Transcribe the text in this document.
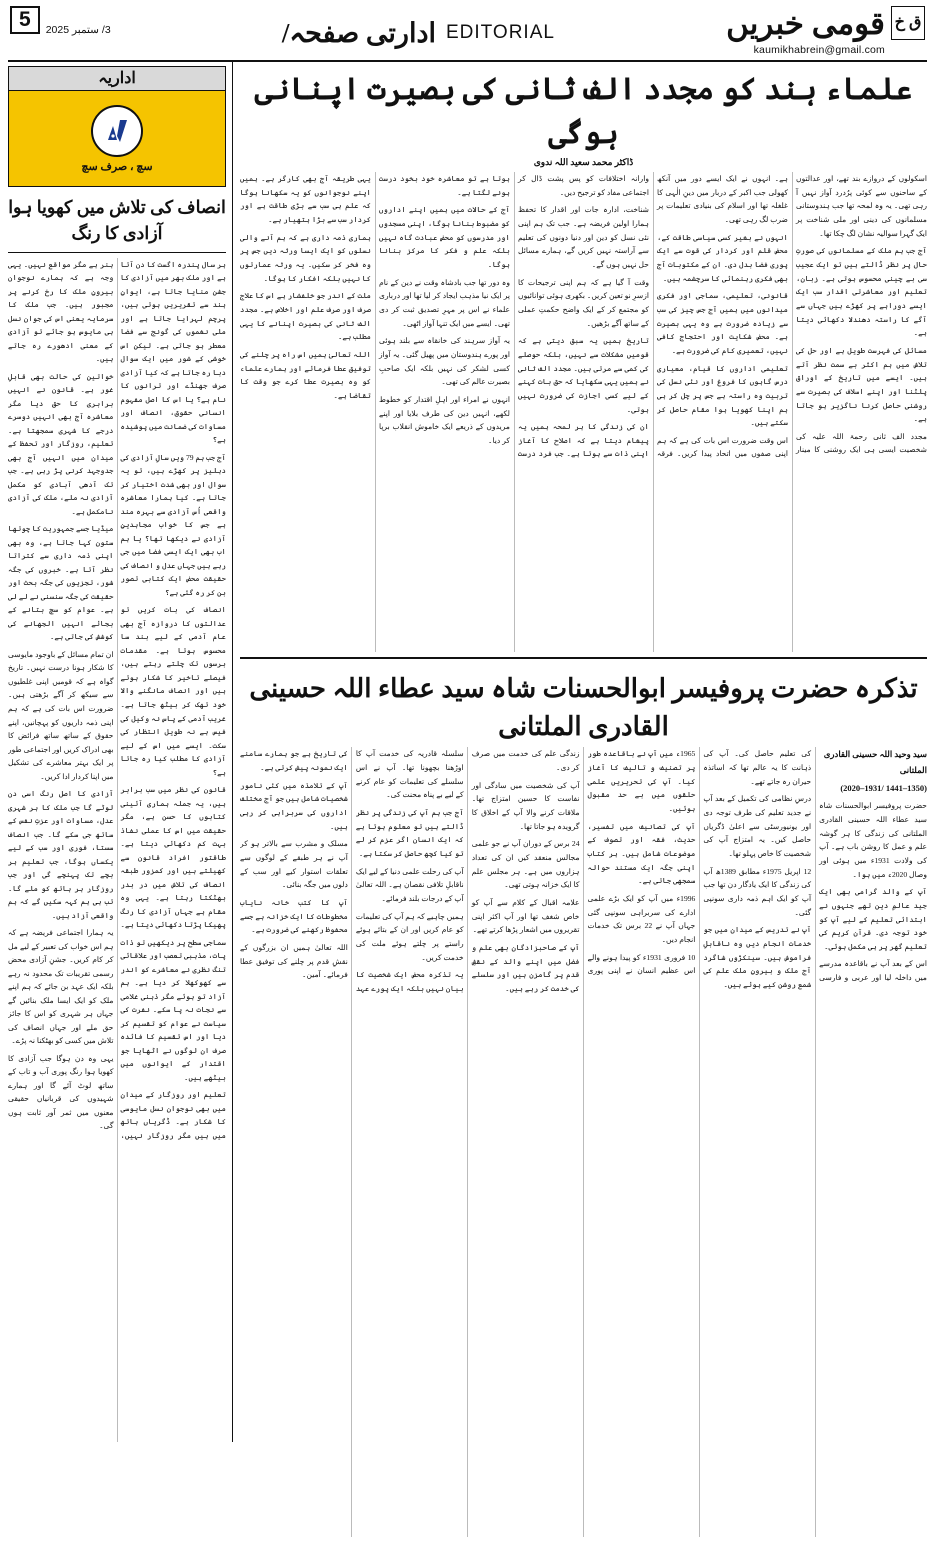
ق خ
قومی خبریں
kaumikhabrein@gmail.com
EDITORIAL ادارتی صفحہ/
5	3/ ستمبر 2025
علماء ہند کو مجدد الف ثانی کی بصیرت اپنانی ہوگی
ڈاکٹر محمد سعید اللہ ندوی

اسکولوں کے دروازے بند تھے، اور عدالتوں کے ساحنوں سے کوئی پرُدرد آواز نہیں آ رہی تھی۔ یہ وہ لمحہ تھا جب ہندوستانی مسلمانوں کی دینی اور ملی شناخت پر ایک گہرا سوالیہ نشان لگ چکا تھا۔

آج جب ہم ملک کے مسلمانوں کی صورتِ حال پر نظر ڈالتے ہیں تو ایک عجیب سی بے چینی محسوس ہوتی ہے۔ زبان، تعلیم اور معاشرتی اقدار سب ایک ایسے دوراہے پر کھڑے ہیں جہاں سے آگے کا راستہ دھندلا دکھائی دیتا ہے۔

مسائل کی فہرست طویل ہے اور حل کی تلاش میں ہم اکثر بے سمت نظر آتے ہیں۔ ایسے میں تاریخ کے اوراق پلٹنا اور اپنے اسلاف کی بصیرت سے روشنی حاصل کرنا ناگزیر ہو جاتا ہے۔

مجدد الف ثانی رحمۃ اللہ علیہ کی شخصیت ایسی ہی ایک روشنی کا مینار ہے۔ انہوں نے ایک ایسے دور میں آنکھ کھولی جب اکبر کے دربار میں دینِ الٰہی کا غلغلہ تھا اور اسلام کی بنیادی تعلیمات پر ضرب لگ رہی تھی۔

انہوں نے بغیر کسی سیاسی طاقت کے، محض قلم اور کردار کی قوت سے ایک پوری فضا بدل دی۔ ان کے مکتوبات آج بھی فکری رہنمائی کا سرچشمہ ہیں۔

قانونی، تعلیمی، سماجی اور فکری میدانوں میں ہمیں آج جس چیز کی سب سے زیادہ ضرورت ہے وہ یہی بصیرت ہے۔ محض شکایت اور احتجاج کافی نہیں، تعمیری کام کی ضرورت ہے۔

تعلیمی اداروں کا قیام، معیاری درس گاہوں کا فروغ اور نئی نسل کی تربیت وہ راستہ ہے جس پر چل کر ہی ہم اپنا کھویا ہوا مقام حاصل کر سکتے ہیں۔

اس وقت ضرورت اس بات کی ہے کہ ہم اپنی صفوں میں اتحاد پیدا کریں۔ فرقہ وارانہ اختلافات کو پس پشت ڈال کر اجتماعی مفاد کو ترجیح دیں۔

شناخت، ادارہ جات اور اقدار کا تحفظ ہمارا اولین فریضہ ہے۔ جب تک ہم اپنی نئی نسل کو دین اور دنیا دونوں کی تعلیم سے آراستہ نہیں کریں گے، ہمارے مسائل حل نہیں ہوں گے۔

وقت آ گیا ہے کہ ہم اپنی ترجیحات کا ازسرِ نو تعین کریں۔ بکھری ہوئی توانائیوں کو مجتمع کر کے ایک واضح حکمتِ عملی کے ساتھ آگے بڑھیں۔

تاریخ ہمیں یہ سبق دیتی ہے کہ قومیں مشکلات سے نہیں، بلکہ حوصلے کی کمی سے مرتی ہیں۔ مجدد الف ثانی نے ہمیں یہی سکھایا کہ حق بات کہنے کے لیے کسی اجازت کی ضرورت نہیں ہوتی۔

ان کی زندگی کا ہر لمحہ ہمیں یہ پیغام دیتا ہے کہ اصلاح کا آغاز اپنی ذات سے ہوتا ہے۔ جب فرد درست ہوتا ہے تو معاشرہ خود بخود درست ہونے لگتا ہے۔

آج کے حالات میں ہمیں اپنے اداروں کو مضبوط بنانا ہوگا، اپنی مسجدوں اور مدرسوں کو محض عبادت گاہ نہیں بلکہ علم و فکر کا مرکز بنانا ہوگا۔

وہ دور تھا جب بادشاہ وقت نے دین کے نام پر ایک نیا مذہب ایجاد کر لیا تھا اور درباری علماء نے اس پر مہرِ تصدیق ثبت کر دی تھی۔ ایسے میں ایک تنہا آواز اٹھی۔

یہ آواز سرہند کی خانقاہ سے بلند ہوئی اور پورے ہندوستان میں پھیل گئی۔ یہ آواز کسی لشکر کی نہیں بلکہ ایک صاحبِ بصیرت عالم کی تھی۔

انہوں نے امراء اور اہلِ اقتدار کو خطوط لکھے، انہیں دین کی طرف بلایا اور اپنے مریدوں کے ذریعے ایک خاموش انقلاب برپا کر دیا۔

یہی طریقہ آج بھی کارگر ہے۔ ہمیں اپنے نوجوانوں کو یہ سکھانا ہوگا کہ علم ہی سب سے بڑی طاقت ہے اور کردار سب سے بڑا ہتھیار ہے۔

ہماری ذمہ داری ہے کہ ہم آنے والی نسلوں کو ایک ایسا ورثہ دیں جس پر وہ فخر کر سکیں۔ یہ ورثہ عمارتوں کا نہیں بلکہ افکار کا ہوگا۔

ملت کے اندر جو خلفشار ہے اس کا علاج صرف اور صرف علم اور اخلاص ہے۔ مجدد الف ثانی کی بصیرت اپنانے کا یہی مطلب ہے۔

اللہ تعالیٰ ہمیں اس راہ پر چلنے کی توفیق عطا فرمائے اور ہمارے علماء کو وہ بصیرت عطا کرے جو وقت کا تقاضا ہے۔

تذکرہ حضرت پروفیسر ابوالحسنات شاہ سید عطاء اللہ حسینی القادری الملتانی
سید وحید اللہ حسینی القادری الملتانی
(1350–1441 /1931–2020)

حضرت پروفیسر ابوالحسنات شاہ سید عطاء اللہ حسینی القادری الملتانی کی زندگی کا ہر گوشہ علم و عمل کا روشن باب ہے۔ آپ کی ولادت 1931ء میں ہوئی اور وصال 2020ء میں ہوا۔

آپ کے والد گرامی بھی ایک جید عالمِ دین تھے جنہوں نے ابتدائی تعلیم کے لیے آپ کو خود توجہ دی۔ قرآن کریم کی تعلیم گھر پر ہی مکمل ہوئی۔

اس کے بعد آپ نے باقاعدہ مدرسے میں داخلہ لیا اور عربی و فارسی کی تعلیم حاصل کی۔ آپ کی ذہانت کا یہ عالم تھا کہ اساتذہ حیران رہ جاتے تھے۔

درسِ نظامی کی تکمیل کے بعد آپ نے جدید تعلیم کی طرف توجہ دی اور یونیورسٹی سے اعلیٰ ڈگریاں حاصل کیں۔ یہ امتزاج آپ کی شخصیت کا خاص پہلو تھا۔

12 اپریل 1975ء مطابق 1389ھ آپ کی زندگی کا ایک یادگار دن تھا جب آپ کو ایک اہم ذمہ داری سونپی گئی۔

آپ نے تدریس کے میدان میں جو خدمات انجام دیں وہ ناقابلِ فراموش ہیں۔ سینکڑوں شاگرد آج ملک و بیرونِ ملک علم کی شمع روشن کیے ہوئے ہیں۔

1965ء میں آپ نے باقاعدہ طور پر تصنیف و تالیف کا آغاز کیا۔ آپ کی تحریریں علمی حلقوں میں بے حد مقبول ہوئیں۔

آپ کی تصانیف میں تفسیر، حدیث، فقہ اور تصوف کے موضوعات شامل ہیں۔ ہر کتاب اپنی جگہ ایک مستند حوالہ سمجھی جاتی ہے۔

1996ء میں آپ کو ایک بڑے علمی ادارے کی سربراہی سونپی گئی جہاں آپ نے 22 برس تک خدمات انجام دیں۔

10 فروری 1931ء کو پیدا ہونے والے اس عظیم انسان نے اپنی پوری زندگی علم کی خدمت میں صرف کر دی۔

آپ کی شخصیت میں سادگی اور نفاست کا حسین امتزاج تھا۔ ملاقات کرنے والا آپ کے اخلاق کا گرویدہ ہو جاتا تھا۔

24 برس کے دوران آپ نے جو علمی مجالس منعقد کیں ان کی تعداد ہزاروں میں ہے۔ ہر مجلس علم کا ایک خزانہ ہوتی تھی۔

علامہ اقبال کے کلام سے آپ کو خاص شغف تھا اور آپ اکثر اپنی تقریروں میں اشعار پڑھا کرتے تھے۔

آپ کے صاحبزادگان بھی علم و فضل میں اپنے والد کے نقشِ قدم پر گامزن ہیں اور سلسلے کی خدمت کر رہے ہیں۔

سلسلہ قادریہ کی خدمت آپ کا اوڑھنا بچھونا تھا۔ آپ نے اس سلسلے کی تعلیمات کو عام کرنے کے لیے بے پناہ محنت کی۔

آج جب ہم آپ کی زندگی پر نظر ڈالتے ہیں تو معلوم ہوتا ہے کہ ایک انسان اگر عزم کر لے تو کیا کچھ حاصل کر سکتا ہے۔

آپ کی رحلت علمی دنیا کے لیے ایک ناقابلِ تلافی نقصان ہے۔ اللہ تعالیٰ آپ کے درجات بلند فرمائے۔

ہمیں چاہیے کہ ہم آپ کی تعلیمات کو عام کریں اور ان کے بتائے ہوئے راستے پر چلتے ہوئے ملت کی خدمت کریں۔

یہ تذکرہ محض ایک شخصیت کا بیان نہیں بلکہ ایک پورے عہد کی تاریخ ہے جو ہمارے سامنے ایک نمونہ پیش کرتی ہے۔

آپ کے تلامذہ میں کئی نامور شخصیات شامل ہیں جو آج مختلف اداروں کی سربراہی کر رہی ہیں۔

مسلک و مشرب سے بالاتر ہو کر آپ نے ہر طبقے کے لوگوں سے تعلقات استوار کیے اور سب کے دلوں میں جگہ بنائی۔

آپ کا کتب خانہ نایاب مخطوطات کا ایک خزانہ ہے جسے محفوظ رکھنے کی ضرورت ہے۔

اللہ تعالیٰ ہمیں ان بزرگوں کے نقشِ قدم پر چلنے کی توفیق عطا فرمائے۔ آمین۔

اداریہ
سچ ، صرف سچ
انصاف کی تلاش میں کھویا ہوا آزادی کا رنگ

ہر سال پندرہ اگست کا دن آتا ہے اور ملک بھر میں آزادی کا جشن منایا جاتا ہے، ایوانِ ہند سے تقریریں ہوتی ہیں، پرچم لہرایا جاتا ہے اور ملی نغموں کی گونج سے فضا معطر ہو جاتی ہے۔ لیکن اس خوشی کے شور میں ایک سوال دبا رہ جاتا ہے کہ کیا آزادی صرف جھنڈے اور ترانوں کا نام ہے؟ یا اس کا اصل مفہوم انسانی حقوق، انصاف اور مساوات کی ضمانت میں پوشیدہ ہے؟

آج جب ہم 79 ویں سالِ آزادی کی دہلیز پر کھڑے ہیں، تو یہ سوال اور بھی شدت اختیار کر جاتا ہے۔ کیا ہمارا معاشرہ واقعی اُس آزادی سے بہرہ مند ہے جس کا خواب مجاہدینِ آزادی نے دیکھا تھا؟ یا ہم اب بھی ایک ایسی فضا میں جی رہے ہیں جہاں عدل و انصاف کی حقیقت محض ایک کتابی تصور بن کر رہ گئی ہے؟

انصاف کی بات کریں تو عدالتوں کا دروازہ آج بھی عام آدمی کے لیے بند سا محسوس ہوتا ہے۔ مقدمات برسوں تک چلتے رہتے ہیں، فیصلے تاخیر کا شکار ہوتے ہیں اور انصاف مانگنے والا خود تھک کر بیٹھ جاتا ہے۔ غریب آدمی کے پاس نہ وکیل کی فیس ہے نہ طویل انتظار کی سکت۔ ایسے میں اس کے لیے آزادی کا مطلب کیا رہ جاتا ہے؟

قانون کی نظر میں سب برابر ہیں، یہ جملہ ہماری آئینی کتابوں کا حسن ہے، مگر حقیقت میں اس کا عملی نفاذ بہت کم دکھائی دیتا ہے۔ طاقتور افراد قانون سے کھیلتے ہیں اور کمزور طبقہ انصاف کی تلاش میں در بدر بھٹکتا رہتا ہے۔ یہی وہ مقام ہے جہاں آزادی کا رنگ پھیکا پڑتا دکھائی دیتا ہے۔

سماجی سطح پر دیکھیں تو ذات پات، مذہبی تعصب اور علاقائی تنگ نظری نے معاشرے کو اندر سے کھوکھلا کر دیا ہے۔ ہم آزاد تو ہوئے مگر ذہنی غلامی سے نجات نہ پا سکے۔ نفرت کی سیاست نے عوام کو تقسیم کر دیا اور اس تقسیم کا فائدہ صرف ان لوگوں نے اٹھایا جو اقتدار کے ایوانوں میں بیٹھے ہیں۔

تعلیم اور روزگار کے میدان میں بھی نوجوان نسل مایوسی کا شکار ہے۔ ڈگریاں ہاتھ میں ہیں مگر روزگار نہیں، ہنر ہے مگر مواقع نہیں۔ یہی وجہ ہے کہ ہمارے نوجوان بیرونِ ملک کا رخ کرنے پر مجبور ہیں۔ جب ملک کا سرمایہ یعنی اس کی جوان نسل ہی مایوس ہو جائے تو آزادی کے معنی ادھورے رہ جاتے ہیں۔

خواتین کی حالت بھی قابلِ غور ہے۔ قانون نے انہیں برابری کا حق دیا مگر معاشرہ آج بھی انہیں دوسرے درجے کا شہری سمجھتا ہے۔ تعلیم، روزگار اور تحفظ کے میدان میں انہیں آج بھی جدوجہد کرنی پڑ رہی ہے۔ جب تک آدھی آبادی کو مکمل آزادی نہ ملے، ملک کی آزادی نامکمل ہے۔

میڈیا جسے جمہوریت کا چوتھا ستون کہا جاتا ہے، وہ بھی اپنی ذمہ داری سے کتراتا نظر آتا ہے۔ خبروں کی جگہ شور، تجزیوں کی جگہ بحث اور حقیقت کی جگہ سنسنی نے لے لی ہے۔ عوام کو سچ بتانے کے بجائے انہیں الجھانے کی کوشش کی جاتی ہے۔

ان تمام مسائل کے باوجود مایوسی کا شکار ہونا درست نہیں۔ تاریخ گواہ ہے کہ قومیں اپنی غلطیوں سے سیکھ کر آگے بڑھتی ہیں۔ ضرورت اس بات کی ہے کہ ہم اپنی ذمہ داریوں کو پہچانیں، اپنے حقوق کے ساتھ ساتھ فرائض کا بھی ادراک کریں اور اجتماعی طور پر ایک بہتر معاشرے کی تشکیل میں اپنا کردار ادا کریں۔

آزادی کا اصل رنگ اسی دن لوٹے گا جب ملک کا ہر شہری عدل، مساوات اور عزتِ نفس کے ساتھ جی سکے گا۔ جب انصاف سستا، فوری اور سب کے لیے یکساں ہوگا، جب تعلیم ہر بچے تک پہنچے گی اور جب روزگار ہر ہاتھ کو ملے گا۔ تب ہی ہم کہہ سکیں گے کہ ہم واقعی آزاد ہیں۔

یہ ہمارا اجتماعی فریضہ ہے کہ ہم اس خواب کی تعبیر کے لیے مل کر کام کریں۔ جشنِ آزادی محض رسمی تقریبات تک محدود نہ رہے بلکہ ایک عہد بن جائے کہ ہم اپنے ملک کو ایک ایسا ملک بنائیں گے جہاں ہر شہری کو اس کا جائز حق ملے اور جہاں انصاف کی تلاش میں کسی کو بھٹکنا نہ پڑے۔

یہی وہ دن ہوگا جب آزادی کا کھویا ہوا رنگ پوری آب و تاب کے ساتھ لوٹ آئے گا اور ہمارے شہیدوں کی قربانیاں حقیقی معنوں میں ثمر آور ثابت ہوں گی۔
